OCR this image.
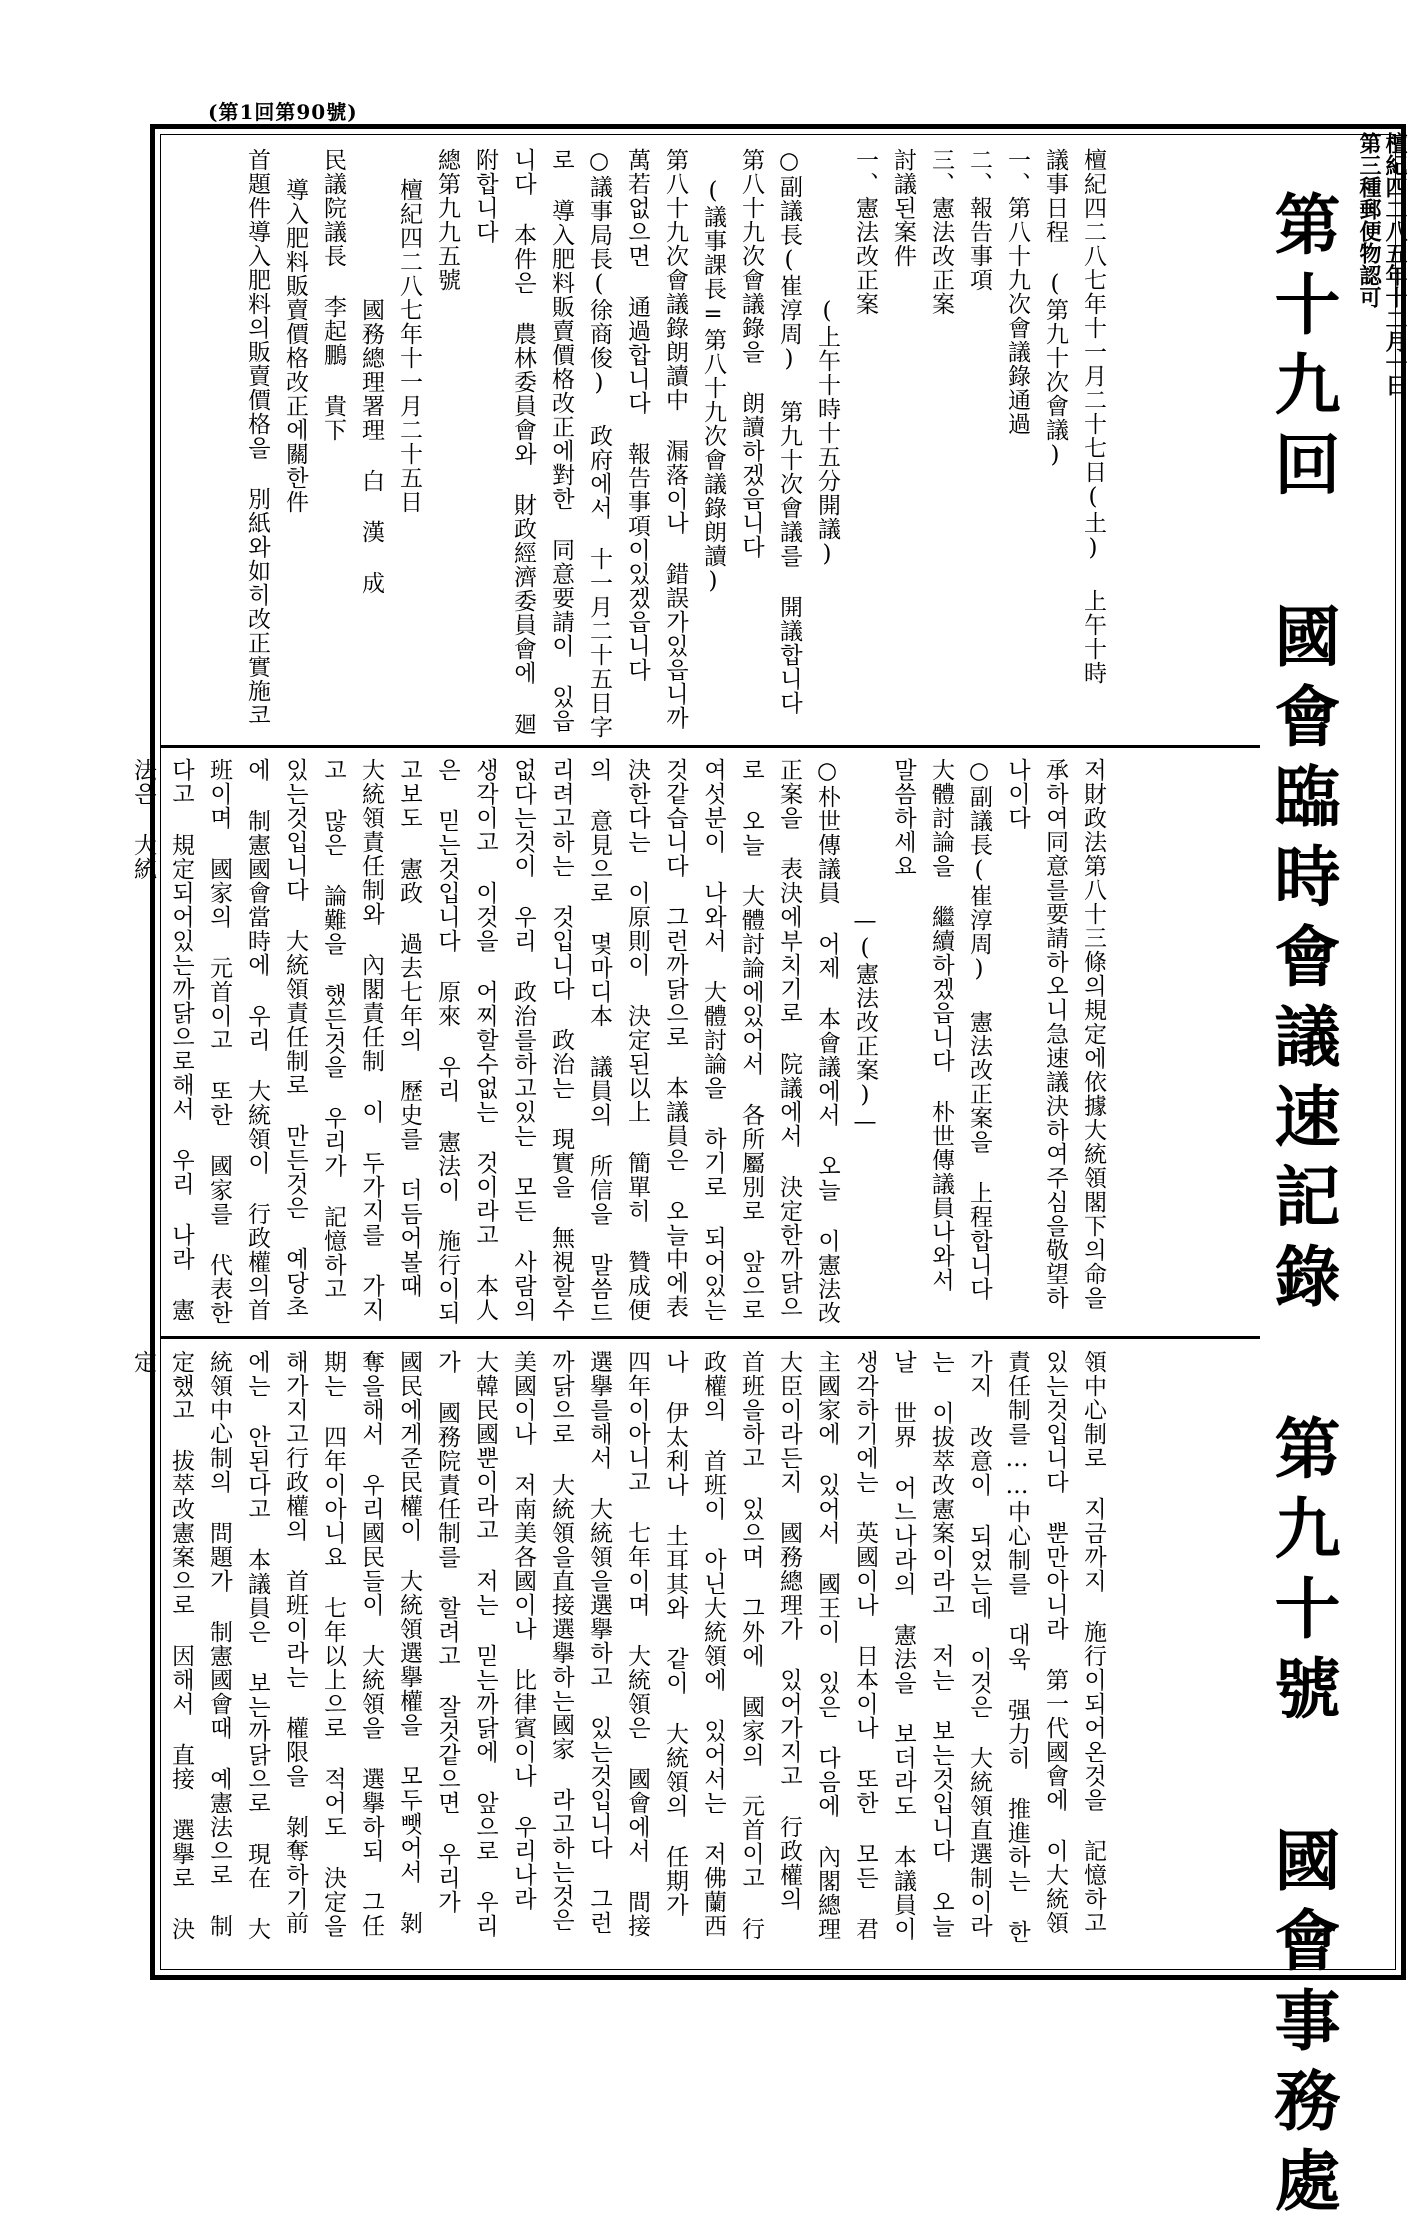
(第1回第90號)
檀紀四二八五年十二月一日
第三種郵便物認可
第十九回 國會臨時會議速記錄 第九十號 國會事務處
檀紀四二八七年十一月二十七日(土) 上午十時
議事日程 (第九十次會議)
一、第八十九次會議錄通過
二、報告事項
三、憲法改正案
討議된案件
一、憲法改正案
(上午十時十五分開議)
○副議長(崔淳周) 第九十次會議를 開議합니다
第八十九次會議錄을 朗讀하겠읍니다
(議事課長=第八十九次會議錄朗讀)
第八十九次會議錄朗讀中 漏落이나 錯誤가있읍니까
萬若없으면 通過합니다 報告事項이있겠읍니다
○議事局長(徐商俊) 政府에서 十一月二十五日字로 導入肥料販賣價格改正에對한 同意要請이 있읍니다 本件은 農林委員會와 財政經濟委員會에 廻附합니다
總第九九五號
檀紀四二八七年十一月二十五日
國務總理署理 白 漢 成
民議院議長 李起鵬 貴下
導入肥料販賣價格改正에關한件
首題件導入肥料의販賣價格을 別紙와如히改正實施코
저財政法第八十三條의規定에依據大統領閣下의命을承하여同意를要請하오니急速議決하여주심을敬望하나이다
○副議長(崔淳周) 憲法改正案을 上程합니다 大體討論을 繼續하겠읍니다 朴世傳議員나와서 말씀하세요
—(憲法改正案)—
○朴世傳議員 어제 本會議에서 오늘 이憲法改正案을 表決에부치기로 院議에서 決定한까닭으로 오늘 大體討論에있어서 各所屬別로 앞으로 여섯분이 나와서 大體討論을 하기로 되어있는 것같습니다 그런까닭으로 本議員은 오늘中에表決한다는 이原則이 決定된以上 簡單히 贊成便의 意見으로 몇마디本 議員의 所信을 말씀드리려고하는 것입니다 政治는 現實을 無視할수없다는것이 우리 政治를하고있는 모든 사람의생각이고 이것을 어찌할수없는 것이라고 本人은 믿는것입니다 原來 우리 憲法이 施行이되고보도 憲政 過去七年의 歷史를 더듬어볼때 大統領責任制와 內閣責任制 이 두가지를 가지고 많은 論難을 했든것을 우리가 記憶하고 있는것입니다 大統領責任制로 만든것은 예당초에 制憲國會當時에 우리 大統領이 行政權의首班이며 國家의 元首이고 또한 國家를 代表한다고 規定되어있는까닭으로해서 우리 나라 憲法은 大統
領中心制로 지금까지 施行이되어온것을 記憶하고있는것입니다 뿐만아니라 第一代國會에 이大統領責任制를……中心制를 대욱 强力히 推進하는 한가지 改意이 되었는데 이것은 大統領直選制이라는 이拔萃改憲案이라고 저는 보는것입니다 오늘날 世界 어느나라의 憲法을 보더라도 本議員이 생각하기에는 英國이나 日本이나 또한 모든 君主國家에 있어서 國王이 있은 다음에 內閣總理大臣이라든지 國務總理가 있어가지고 行政權의 首班을하고 있으며 그外에 國家의 元首이고 行政權의 首班이 아닌大統領에 있어서는 저佛蘭西나 伊太利나 土耳其와 같이 大統領의 任期가 四年이아니고 七年이며 大統領은 國會에서 間接選擧를해서 大統領을選擧하고 있는것입니다 그런까닭으로 大統領을直接選擧하는國家 라고하는것은 美國이나 저南美各國이나 比律賓이나 우리나라 大韓民國뿐이라고 저는 믿는까닭에 앞으로 우리가 國務院責任制를 할려고 잘것같으면 우리가 國民에게준民權이 大統領選擧權을 모두뺏어서 剝奪을해서 우리國民들이 大統領을 選擧하되 그任期는 四年이아니요 七年以上으로 적어도 決定을 해가지고行政權의 首班이라는 權限을 剝奪하기前에는 안된다고 本議員은 보는까닭으로 現在 大統領中心制의 問題가 制憲國會때 예憲法으로 制定했고 拔萃改憲案으로 因해서 直接 選擧로 決定
